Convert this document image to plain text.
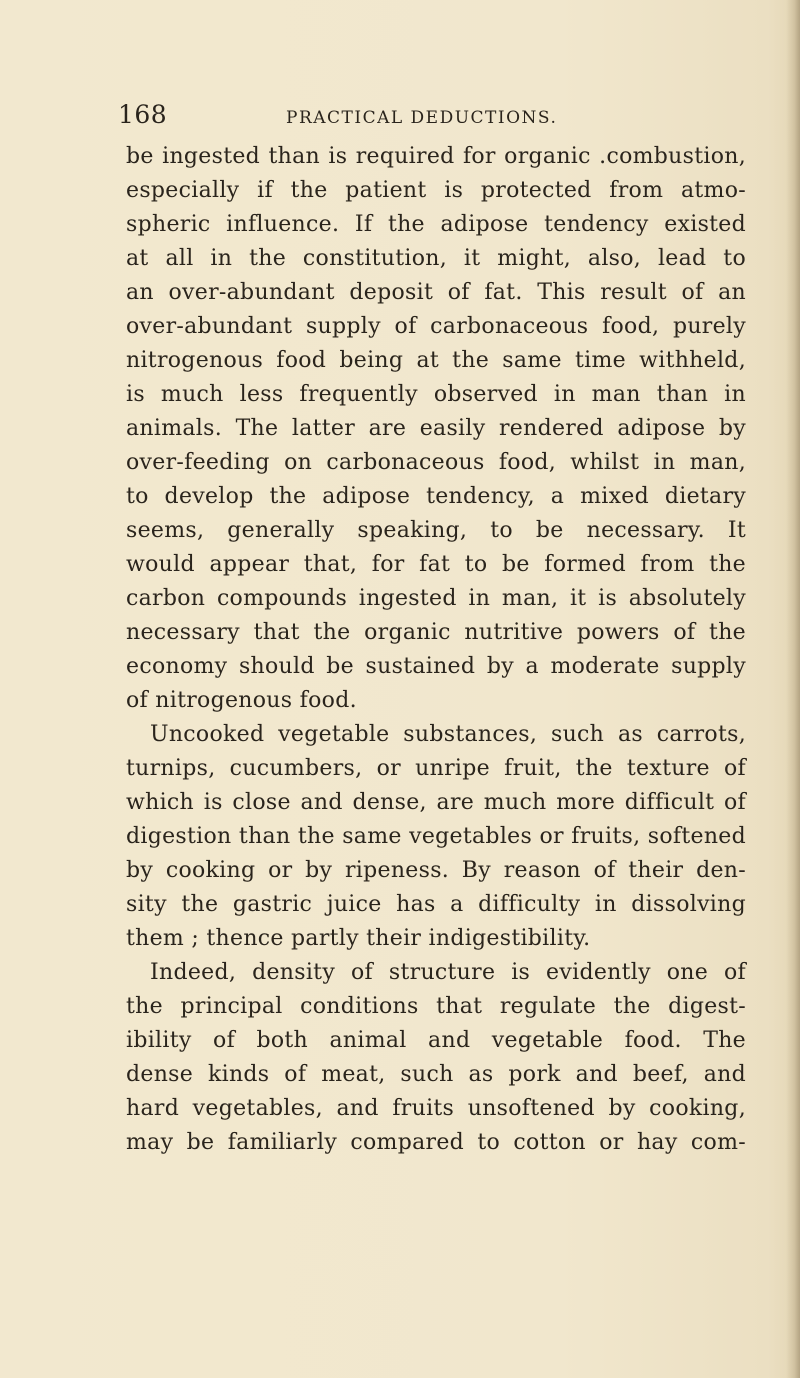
168	PRACTICAL DEDUCTIONS.
be ingested than is required for organic .combustion,
especially if the patient is protected from atmo-
spheric influence. If the adipose tendency existed
at all in the constitution, it might, also, lead to
an over-abundant deposit of fat. This result of an
over-abundant supply of carbonaceous food, purely
nitrogenous food being at the same time withheld,
is much less frequently observed in man than in
animals. The latter are easily rendered adipose by
over-feeding on carbonaceous food, whilst in man,
to develop the adipose tendency, a mixed dietary
seems, generally speaking, to be necessary. It
would appear that, for fat to be formed from the
carbon compounds ingested in man, it is absolutely
necessary that the organic nutritive powers of the
economy should be sustained by a moderate supply
of nitrogenous food.
Uncooked vegetable substances, such as carrots,
turnips, cucumbers, or unripe fruit, the texture of
which is close and dense, are much more difficult of
digestion than the same vegetables or fruits, softened
by cooking or by ripeness. By reason of their den-
sity the gastric juice has a difficulty in dissolving
them ; thence partly their indigestibility.
Indeed, density of structure is evidently one of
the principal conditions that regulate the digest-
ibility of both animal and vegetable food. The
dense kinds of meat, such as pork and beef, and
hard vegetables, and fruits unsoftened by cooking,
may be familiarly compared to cotton or hay com-
